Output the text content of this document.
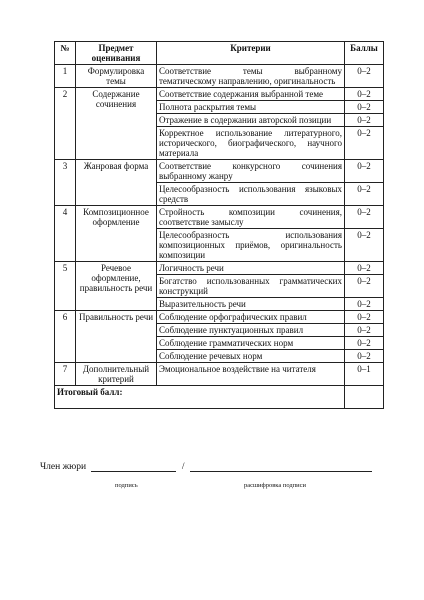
№	Предмет оценивания	Критерии	Баллы
1	Формулировка темы	Соответствие темы выбранному тематическому направлению, оригинальность	0–2
2	Содержание сочинения	Соответствие содержания выбранной теме	0–2
		Полнота раскрытия темы	0–2
		Отражение в содержании авторской позиции	0–2
		Корректное использование литературного, исторического, биографического, научного материала	0–2
3	Жанровая форма	Соответствие конкурсного сочинения выбранному жанру	0–2
		Целесообразность использования языковых средств	0–2
4	Композиционное оформление	Стройность композиции сочинения, соответствие замыслу	0–2
		Целесообразность использования композиционных приёмов, оригинальность композиции	0–2
5	Речевое оформление, правильность речи	Логичность речи	0–2
		Богатство использованных грамматических конструкций	0–2
		Выразительность речи	0–2
6	Правильность речи	Соблюдение орфографических правил	0–2
		Соблюдение пунктуационных правил	0–2
		Соблюдение грамматических норм	0–2
		Соблюдение речевых норм	0–2
7	Дополнительный критерий	Эмоциональное воздействие на читателя	0–1
Итоговый балл:			
Член жюри	/
подпись	расшифровка подписи
